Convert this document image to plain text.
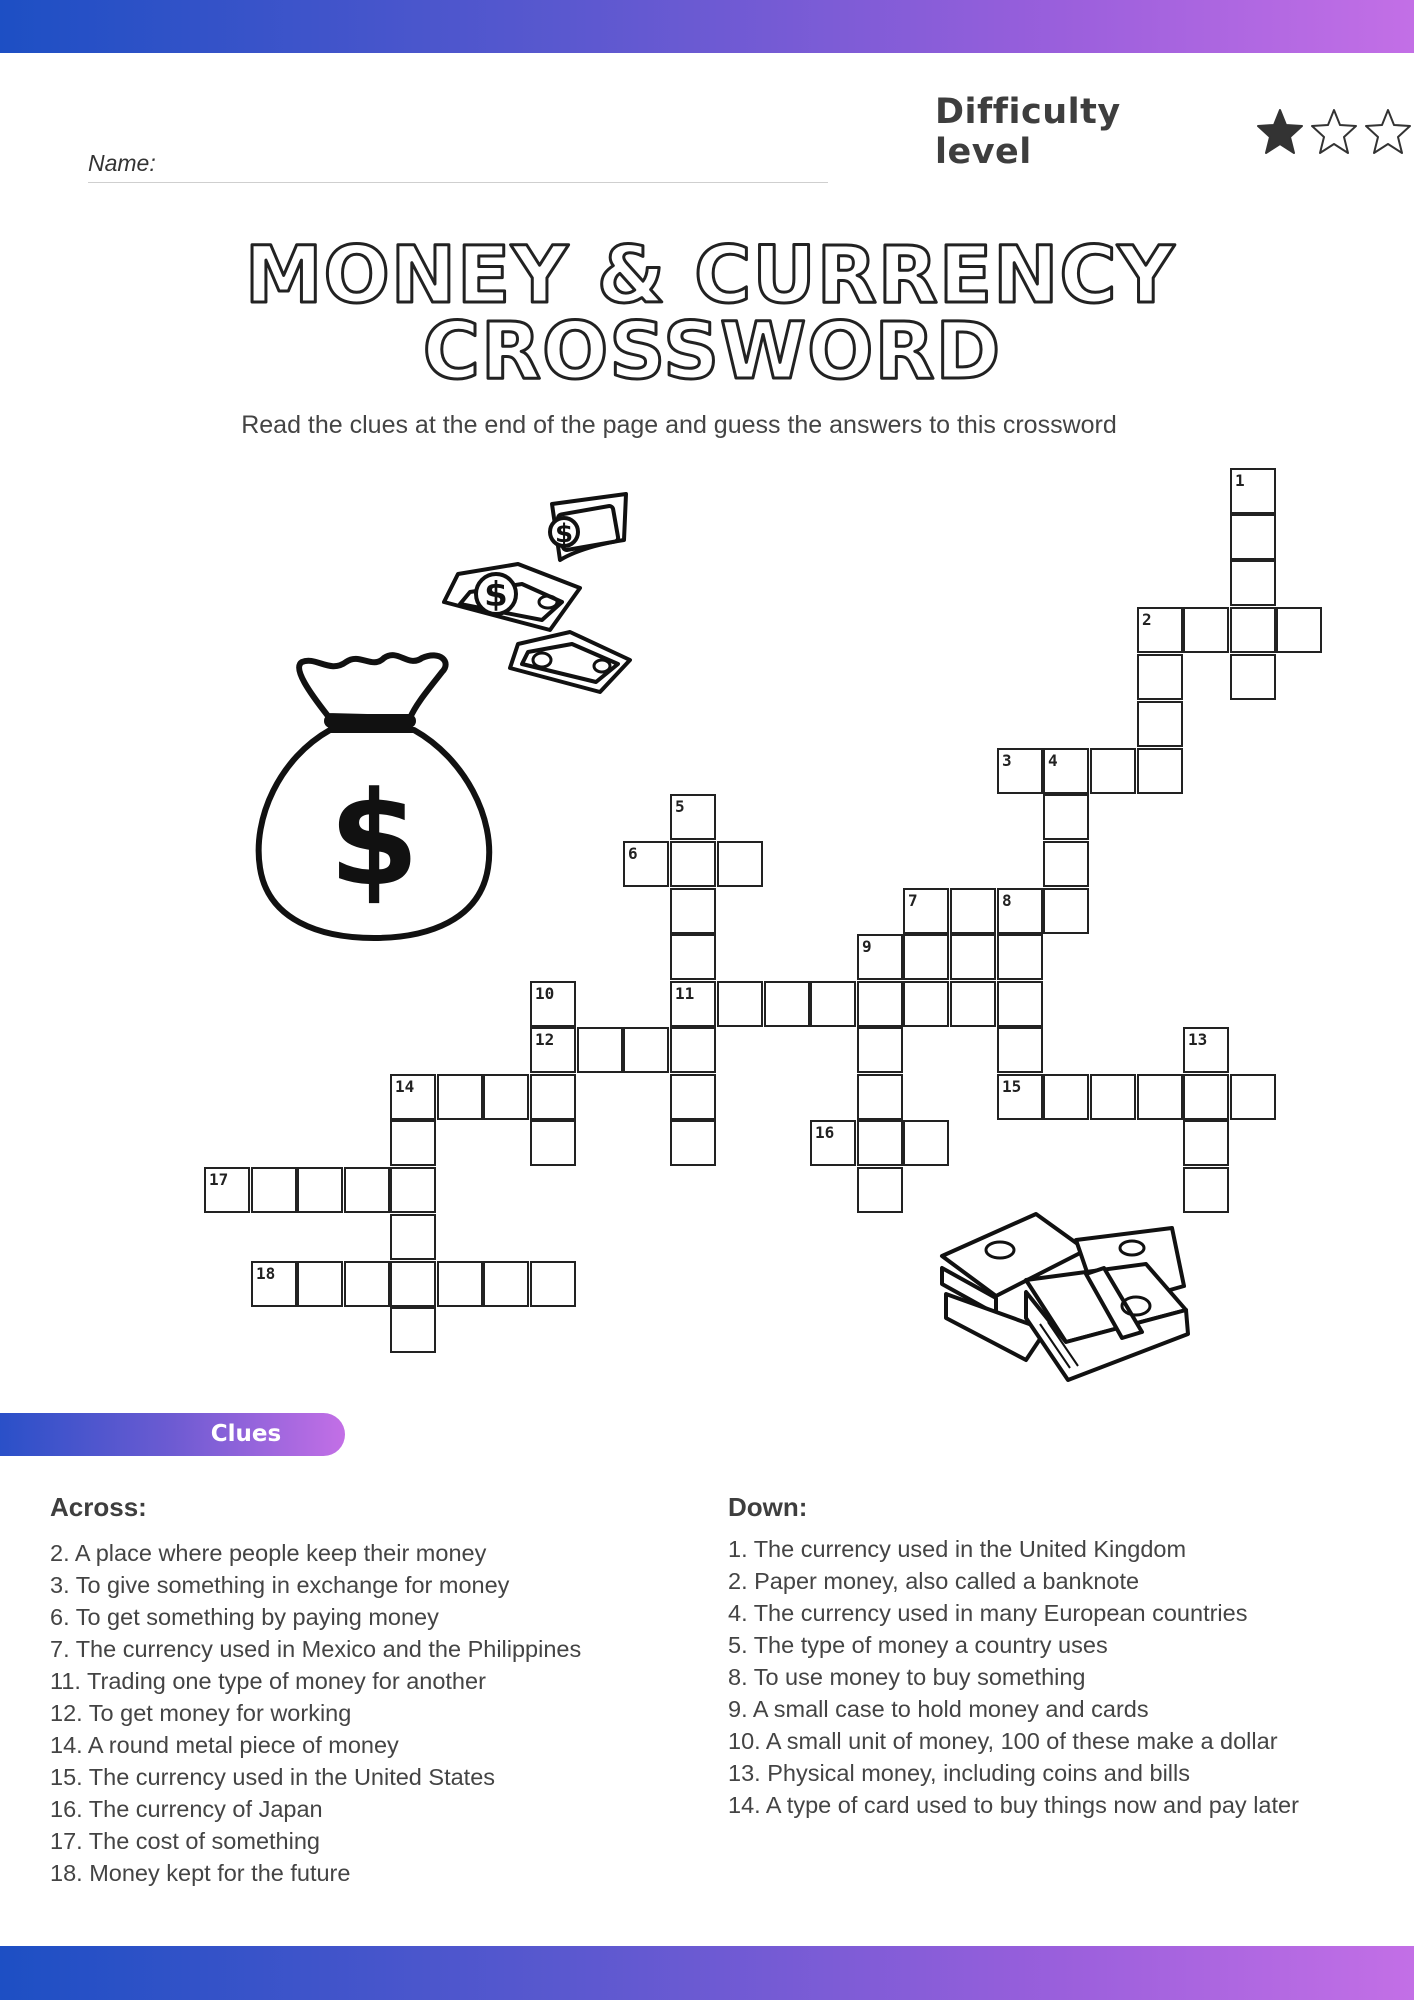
Difficulty level
Name:
MONEY & CURRENCY
CROSSWORD
Read the clues at the end of the page and guess the answers to this crossword
1
2
3 4
7	8
15
9
11
5
6
10
12
14
17
18
16
13
$
$
$
Clues
Across:
2. A place where people keep their money
3. To give something in exchange for money
6. To get something by paying money
7. The currency used in Mexico and the Philippines
11. Trading one type of money for another
12. To get money for working
14. A round metal piece of money
15. The currency used in the United States
16. The currency of Japan
17. The cost of something
18. Money kept for the future
Down:
1. The currency used in the United Kingdom
2. Paper money, also called a banknote
4. The currency used in many European countries
5. The type of money a country uses
8. To use money to buy something
9. A small case to hold money and cards
10. A small unit of money, 100 of these make a dollar
13. Physical money, including coins and bills
14. A type of card used to buy things now and pay later
